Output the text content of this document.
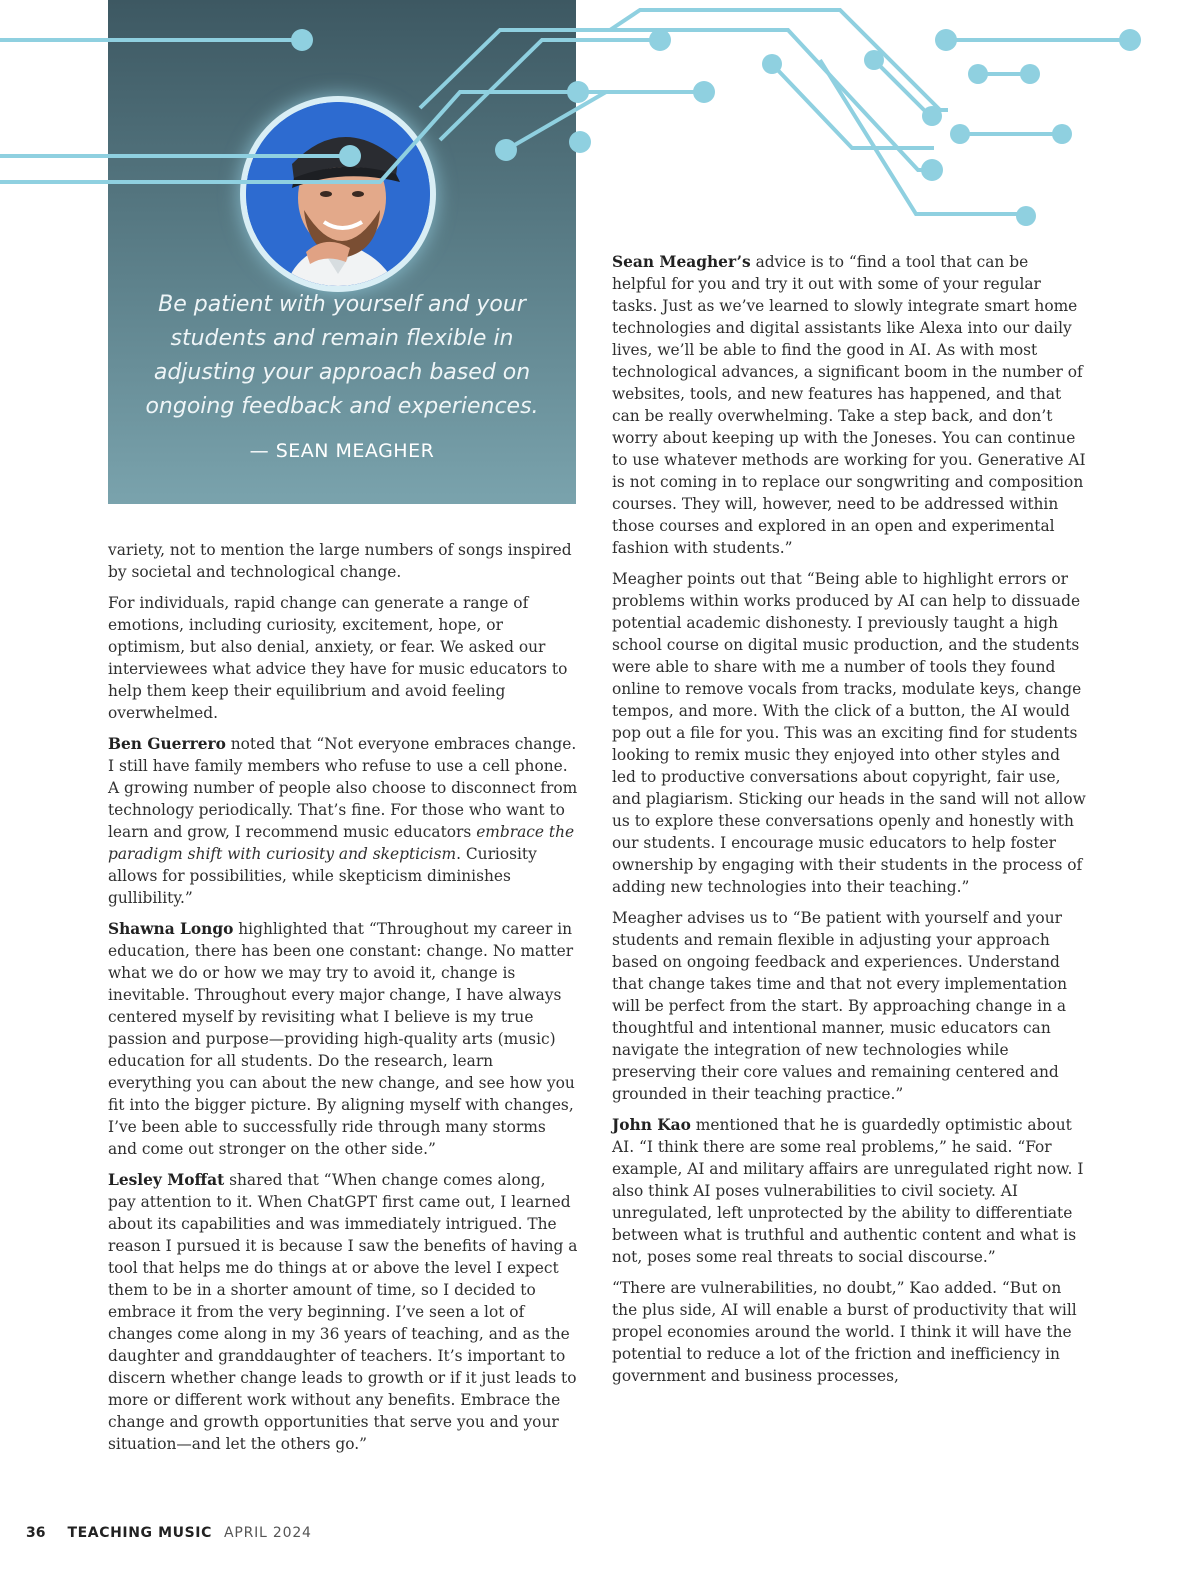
Be patient with yourself and your students and remain flexible in adjusting your approach based on ongoing feedback and experiences.
— SEAN MEAGHER

variety, not to mention the large numbers of songs inspired by societal and technological change.

For individuals, rapid change can generate a range of emotions, including curiosity, excitement, hope, or optimism, but also denial, anxiety, or fear. We asked our interviewees what advice they have for music educators to help them keep their equilibrium and avoid feeling overwhelmed.

Ben Guerrero noted that “Not everyone embraces change. I still have family members who refuse to use a cell phone. A growing number of people also choose to disconnect from technology periodically. That’s fine. For those who want to learn and grow, I recommend music educators embrace the paradigm shift with curiosity and skepticism. Curiosity allows for possibilities, while skepticism diminishes gullibility.”

Shawna Longo highlighted that “Throughout my career in education, there has been one constant: change. No matter what we do or how we may try to avoid it, change is inevitable. Throughout every major change, I have always centered myself by revisiting what I believe is my true passion and purpose—providing high-quality arts (music) education for all students. Do the research, learn everything you can about the new change, and see how you fit into the bigger picture. By aligning myself with changes, I’ve been able to successfully ride through many storms and come out stronger on the other side.”

Lesley Moffat shared that “When change comes along, pay attention to it. When ChatGPT first came out, I learned about its capabilities and was immediately intrigued. The reason I pursued it is because I saw the benefits of having a tool that helps me do things at or above the level I expect them to be in a shorter amount of time, so I decided to embrace it from the very beginning. I’ve seen a lot of changes come along in my 36 years of teaching, and as the daughter and granddaughter of teachers. It’s important to discern whether change leads to growth or if it just leads to more or different work without any benefits. Embrace the change and growth opportunities that serve you and your situation—and let the others go.”

Sean Meagher’s advice is to “find a tool that can be helpful for you and try it out with some of your regular tasks. Just as we’ve learned to slowly integrate smart home technologies and digital assistants like Alexa into our daily lives, we’ll be able to find the good in AI. As with most technological advances, a significant boom in the number of websites, tools, and new features has happened, and that can be really overwhelming. Take a step back, and don’t worry about keeping up with the Joneses. You can continue to use whatever methods are working for you. Generative AI is not coming in to replace our songwriting and composition courses. They will, however, need to be addressed within those courses and explored in an open and experimental fashion with students.”

Meagher points out that “Being able to highlight errors or problems within works produced by AI can help to dissuade potential academic dishonesty. I previously taught a high school course on digital music production, and the students were able to share with me a number of tools they found online to remove vocals from tracks, modulate keys, change tempos, and more. With the click of a button, the AI would pop out a file for you. This was an exciting find for students looking to remix music they enjoyed into other styles and led to productive conversations about copyright, fair use, and plagiarism. Sticking our heads in the sand will not allow us to explore these conversations openly and honestly with our students. I encourage music educators to help foster ownership by engaging with their students in the process of adding new technologies into their teaching.”

Meagher advises us to “Be patient with yourself and your students and remain flexible in adjusting your approach based on ongoing feedback and experiences. Understand that change takes time and that not every implementation will be perfect from the start. By approaching change in a thoughtful and intentional manner, music educators can navigate the integration of new technologies while preserving their core values and remaining centered and grounded in their teaching practice.”

John Kao mentioned that he is guardedly optimistic about AI. “I think there are some real problems,” he said. “For example, AI and military affairs are unregulated right now. I also think AI poses vulnerabilities to civil society. AI unregulated, left unprotected by the ability to differentiate between what is truthful and authentic content and what is not, poses some real threats to social discourse.”

“There are vulnerabilities, no doubt,” Kao added. “But on the plus side, AI will enable a burst of productivity that will propel economies around the world. I think it will have the potential to reduce a lot of the friction and inefficiency in government and business processes,

36 TEACHING MUSIC APRIL 2024
